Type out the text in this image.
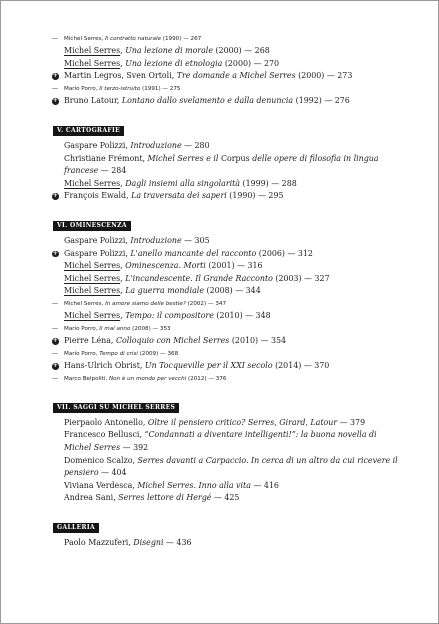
—
Michel Serres, Il contratto naturale (1990) — 267
Michel Serres, Una lezione di morale (2000) — 268
Michel Serres, Una lezione di etnologia (2000) — 270
+
Martin Legros, Sven Ortoli, Tre domande a Michel Serres (2000) — 273
—
Mario Porro, Il terzo-istruito (1991) — 275
+
Bruno Latour, Lontano dallo svelamento e dalla denuncia (1992) — 276
V. CARTOGRAFIE
Gaspare Polizzi, Introduzione — 280
Christiane Frémont, Michel Serres e il Corpus delle opere di filosofia in lingua francese — 284
Michel Serres, Dagli insiemi alla singolarità (1999) — 288
+
François Ewald, La traversata dei saperi (1990) — 295
VI. OMINESCENZA
Gaspare Polizzi, Introduzione — 305
+
Gaspare Polizzi, L'anello mancante del racconto (2006) — 312
Michel Serres, Ominescenza. Morti (2001) — 316
Michel Serres, L'incandescente. Il Grande Racconto (2003) — 327
Michel Serres, La guerra mondiale (2008) — 344
—
Michel Serres, In amore siamo delle bestie? (2002) — 347
Michel Serres, Tempo: il compositore (2010) — 348
—
Mario Porro, Il mal anno (2008) — 353
+
Pierre Léna, Colloquio con Michel Serres (2010) — 354
—
Mario Porro, Tempo di crisi (2009) — 368
+
Hans-Ulrich Obrist, Un Tocqueville per il XXI secolo (2014) — 370
—
Marco Belpoliti, Non è un mondo per vecchi (2012) — 376
VII. SAGGI SU MICHEL SERRES
Pierpaolo Antonello, Oltre il pensiero critico? Serres, Girard, Latour — 379
Francesco Bellusci, “Condannati a diventare intelligenti!”: la buona novella di Michel Serres — 392
Domenico Scalzo, Serres davanti a Carpaccio. In cerca di un altro da cui ricevere il pensiero — 404
Viviana Verdesca, Michel Serres. Inno alla vita — 416
Andrea Sani, Serres lettore di Hergé — 425
GALLERIA
Paolo Mazzuferi, Disegni — 436
